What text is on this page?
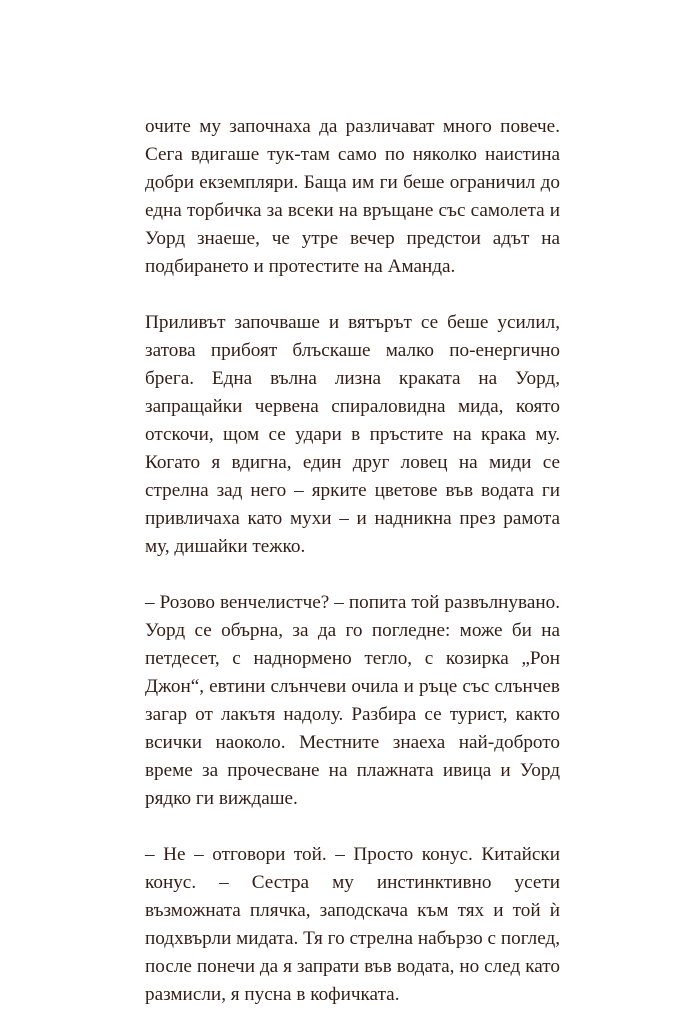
очите му започнаха да различават много повече. Сега вдигаше тук-там само по няколко наистина добри екземпляри. Баща им ги беше ограничил до една торбичка за всеки на връщане със самолета и Уорд знаеше, че утре вечер предстои адът на подбирането и протестите на Аманда.

Приливът започваше и вятърът се беше усилил, затова прибоят блъскаше малко по-енергично брега. Една вълна лизна краката на Уорд, запращайки червена спираловидна мида, която отскочи, щом се удари в пръстите на крака му. Когато я вдигна, един друг ловец на миди се стрелна зад него – ярките цветове във водата ги привличаха като мухи – и надникна през рамота му, дишайки тежко.

– Розово венчелистче? – попита той развълнувано. Уорд се обърна, за да го погледне: може би на петдесет, с наднормено тегло, с козирка „Рон Джон“, евтини слънчеви очила и ръце със слънчев загар от лакътя надолу. Разбира се турист, както всички наоколо. Местните знаеха най-доброто време за прочесване на плажната ивица и Уорд рядко ги виждаше.

– Не – отговори той. – Просто конус. Китайски конус. – Сестра му инстинктивно усети възможната плячка, заподскача към тях и той ѝ подхвърли мидата. Тя го стрелна набързо с поглед, после понечи да я запрати във водата, но след като размисли, я пусна в кофичката.
